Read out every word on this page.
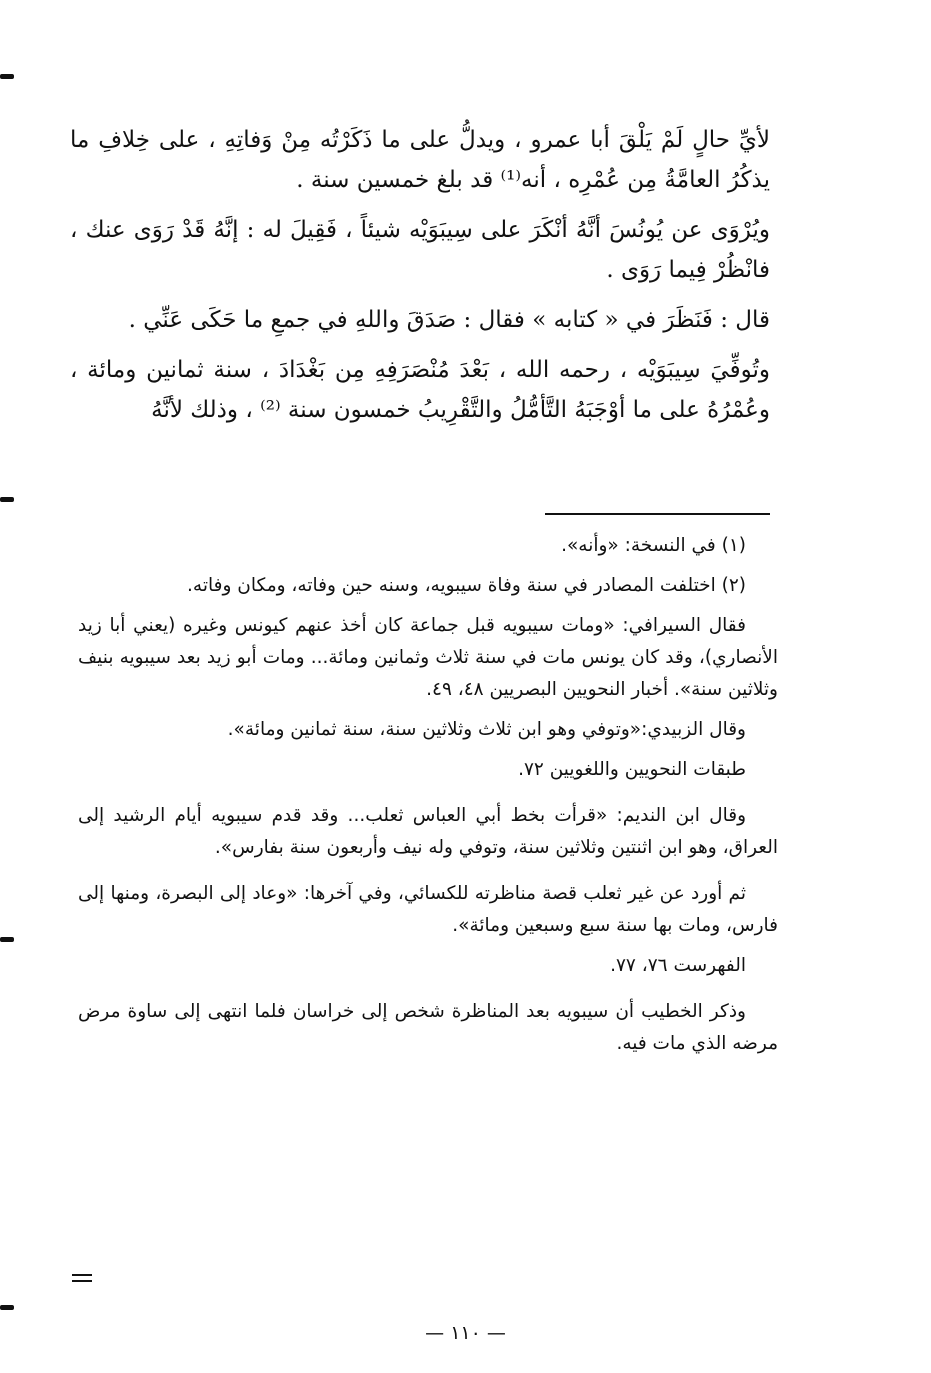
لأيِّ حالٍ لَمْ يَلْقَ أبا عمرو ، ويدلُّ على ما ذَكَرْتُه مِنْ وَفاتِهِ ، على خِلافِ ما يذكُرُ العامَّةُ مِن عُمْرِه ، أنه⁽¹⁾ قد بلغ خمسين سنة .

ويُرْوَى عن يُونُسَ أنَّهُ أنْكَرَ على سِيبَوَيْه شيئاً ، فَقِيلَ له : إنَّهُ قَدْ رَوَى عنك ، فانْظُرْ فِيما رَوَى .

قال : فَنَظَرَ في « كتابه » فقال : صَدَقَ واللهِ في جمعِ ما حَكَى عَنِّي .

وتُوفِّيَ سِيبَوَيْه ، رحمه الله ، بَعْدَ مُنْصَرَفِهِ مِن بَغْدَادَ ، سنة ثمانين ومائة ، وعُمْرُهُ على ما أوْجَبَهُ التَّأمُّلُ والتَّقْرِيبُ خمسون سنة ⁽²⁾ ، وذلك لأنَّهُ

(١) في النسخة: «وأنه».

(٢) اختلفت المصادر في سنة وفاة سيبويه، وسنه حين وفاته، ومكان وفاته.

فقال السيرافي: «ومات سيبويه قبل جماعة كان أخذ عنهم كيونس وغيره (يعني أبا زيد الأنصاري)، وقد كان يونس مات في سنة ثلاث وثمانين ومائة... ومات أبو زيد بعد سيبويه بنيف وثلاثين سنة». أخبار النحويين البصريين ٤٨، ٤٩.

وقال الزبيدي:«وتوفي وهو ابن ثلاث وثلاثين سنة، سنة ثمانين ومائة».

طبقات النحويين واللغويين ٧٢.

وقال ابن النديم: «قرأت بخط أبي العباس ثعلب... وقد قدم سيبويه أيام الرشيد إلى العراق، وهو ابن اثنتين وثلاثين سنة، وتوفي وله نيف وأربعون سنة بفارس».

ثم أورد عن غير ثعلب قصة مناظرته للكسائي، وفي آخرها: «وعاد إلى البصرة، ومنها إلى فارس، ومات بها سنة سبع وسبعين ومائة».

الفهرست ٧٦، ٧٧.

وذكر الخطيب أن سيبويه بعد المناظرة شخص إلى خراسان فلما انتهى إلى ساوة مرض مرضه الذي مات فيه.

— ١١٠ —
